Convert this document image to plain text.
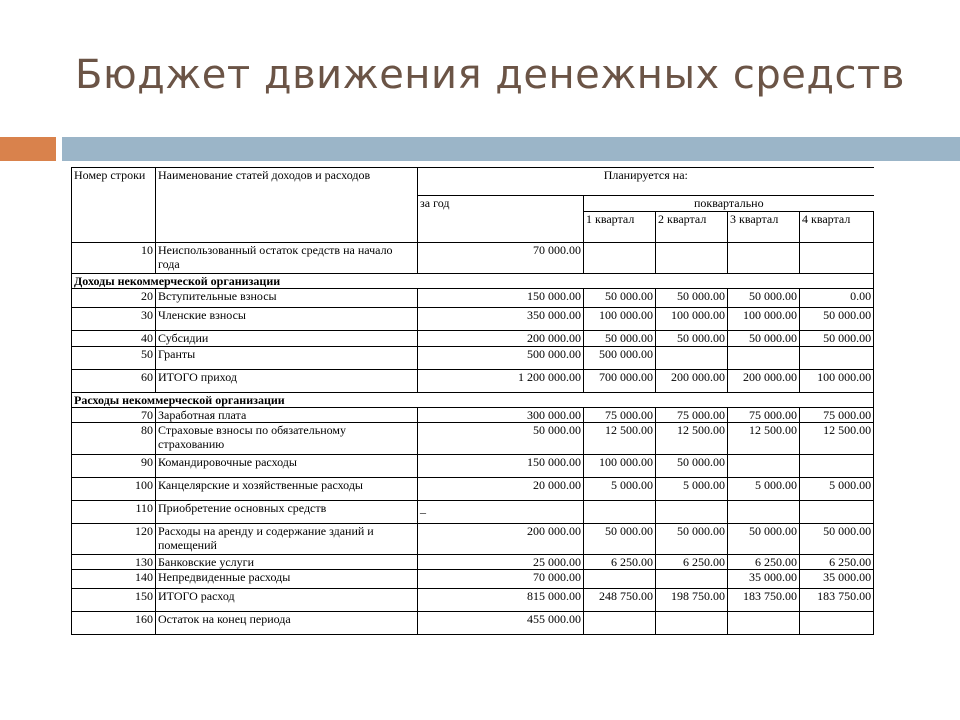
Бюджет движения денежных средств
Номер строки	Наименование статей доходов и расходов	Планируется на:				
		за год	поквартально			
			1 квартал	2 квартал	3 квартал	4 квартал
10	Неиспользованный остаток средств на начало года	70 000.00				
Доходы некоммерческой организации						
20	Вступительные взносы	150 000.00	50 000.00	50 000.00	50 000.00	0.00
30	Членские взносы	350 000.00	100 000.00	100 000.00	100 000.00	50 000.00
40	Субсидии	200 000.00	50 000.00	50 000.00	50 000.00	50 000.00
50	Гранты	500 000.00	500 000.00			
60	ИТОГО приход	1 200 000.00	700 000.00	200 000.00	200 000.00	100 000.00
Расходы некоммерческой организации						
70	Заработная плата	300 000.00	75 000.00	75 000.00	75 000.00	75 000.00
80	Страховые взносы по обязательному страхованию	50 000.00	12 500.00	12 500.00	12 500.00	12 500.00
90	Командировочные расходы	150 000.00	100 000.00	50 000.00		
100	Канцелярские и хозяйственные расходы	20 000.00	5 000.00	5 000.00	5 000.00	5 000.00
110	Приобретение основных средств	_				
120	Расходы на аренду и содержание зданий и помещений	200 000.00	50 000.00	50 000.00	50 000.00	50 000.00
130	Банковские услуги	25 000.00	6 250.00	6 250.00	6 250.00	6 250.00
140	Непредвиденные расходы	70 000.00			35 000.00	35 000.00
150	ИТОГО расход	815 000.00	248 750.00	198 750.00	183 750.00	183 750.00
160	Остаток на конец периода	455 000.00				
